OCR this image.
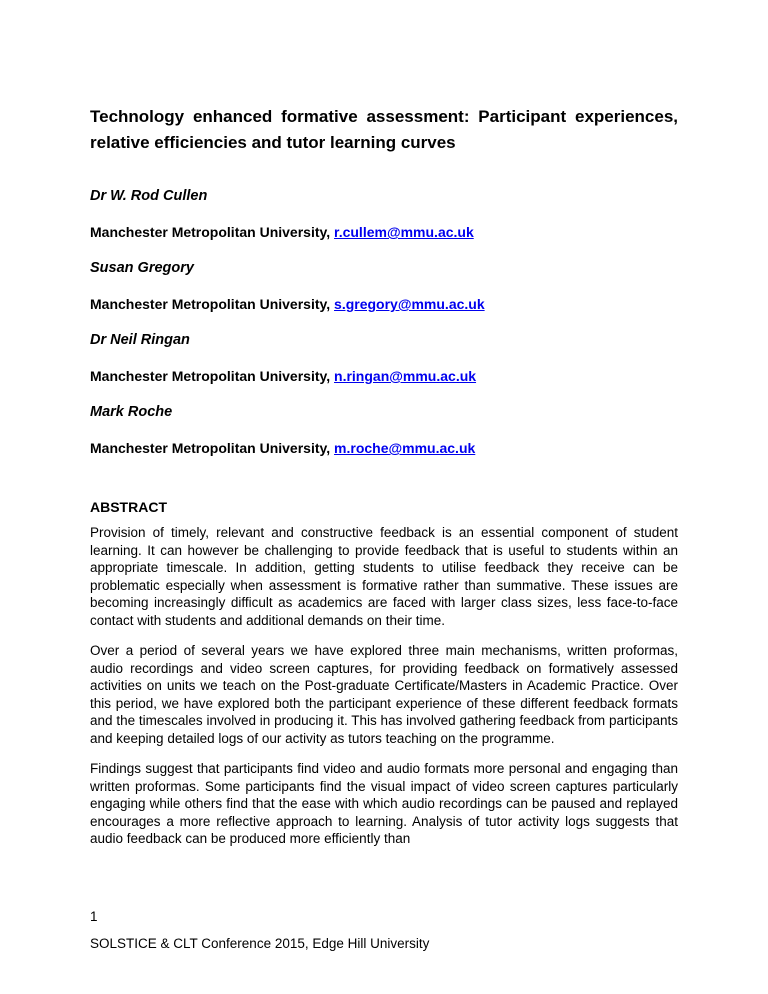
Technology enhanced formative assessment: Participant experiences, relative efficiencies and tutor learning curves

Dr W. Rod Cullen

Manchester Metropolitan University, r.cullem@mmu.ac.uk

Susan Gregory

Manchester Metropolitan University, s.gregory@mmu.ac.uk

Dr Neil Ringan

Manchester Metropolitan University, n.ringan@mmu.ac.uk

Mark Roche

Manchester Metropolitan University, m.roche@mmu.ac.uk

ABSTRACT

Provision of timely, relevant and constructive feedback is an essential component of student learning. It can however be challenging to provide feedback that is useful to students within an appropriate timescale. In addition, getting students to utilise feedback they receive can be problematic especially when assessment is formative rather than summative. These issues are becoming increasingly difficult as academics are faced with larger class sizes, less face-to-face contact with students and additional demands on their time.

Over a period of several years we have explored three main mechanisms, written proformas, audio recordings and video screen captures, for providing feedback on formatively assessed activities on units we teach on the Post-graduate Certificate/Masters in Academic Practice. Over this period, we have explored both the participant experience of these different feedback formats and the timescales involved in producing it. This has involved gathering feedback from participants and keeping detailed logs of our activity as tutors teaching on the programme.

Findings suggest that participants find video and audio formats more personal and engaging than written proformas. Some participants find the visual impact of video screen captures particularly engaging while others find that the ease with which audio recordings can be paused and replayed encourages a more reflective approach to learning. Analysis of tutor activity logs suggests that audio feedback can be produced more efficiently than

1
SOLSTICE & CLT Conference 2015, Edge Hill University
